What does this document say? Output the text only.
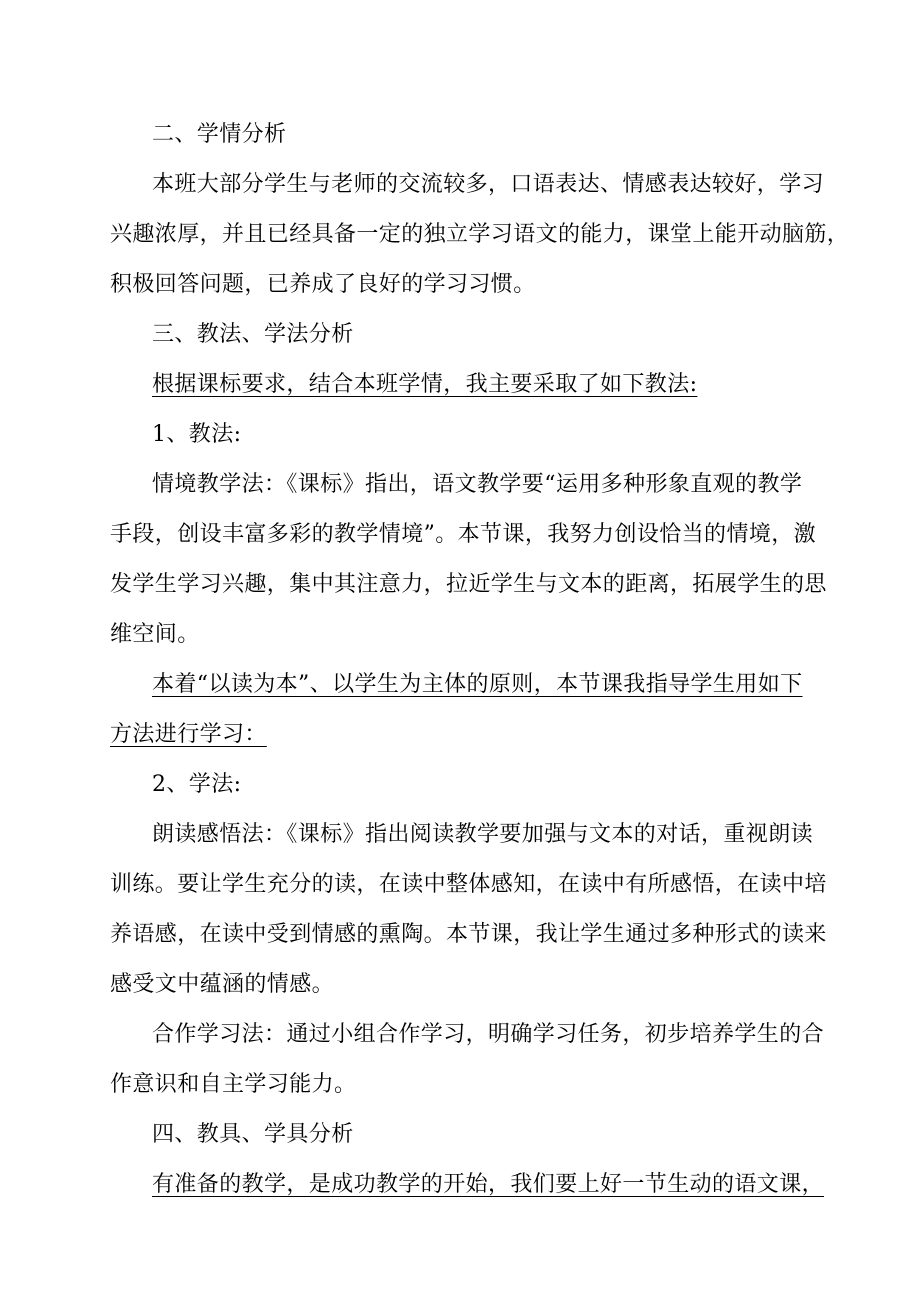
二、学情分析
本班大部分学生与老师的交流较多，口语表达、情感表达较好，学习
兴趣浓厚，并且已经具备一定的独立学习语文的能力，课堂上能开动脑筋，
积极回答问题，已养成了良好的学习习惯。
三、教法、学法分析
根据课标要求，结合本班学情，我主要采取了如下教法:
1、教法:
情境教学法：《课标》指出，语文教学要“运用多种形象直观的教学
手段，创设丰富多彩的教学情境”。本节课，我努力创设恰当的情境，激
发学生学习兴趣，集中其注意力，拉近学生与文本的距离，拓展学生的思
维空间。
本着“以读为本”、以学生为主体的原则，本节课我指导学生用如下
方法进行学习：
2、学法:
朗读感悟法：《课标》指出阅读教学要加强与文本的对话，重视朗读
训练。要让学生充分的读，在读中整体感知，在读中有所感悟，在读中培
养语感，在读中受到情感的熏陶。本节课，我让学生通过多种形式的读来
感受文中蕴涵的情感。
合作学习法：通过小组合作学习，明确学习任务，初步培养学生的合
作意识和自主学习能力。
四、教具、学具分析
有准备的教学，是成功教学的开始，我们要上好一节生动的语文课，
